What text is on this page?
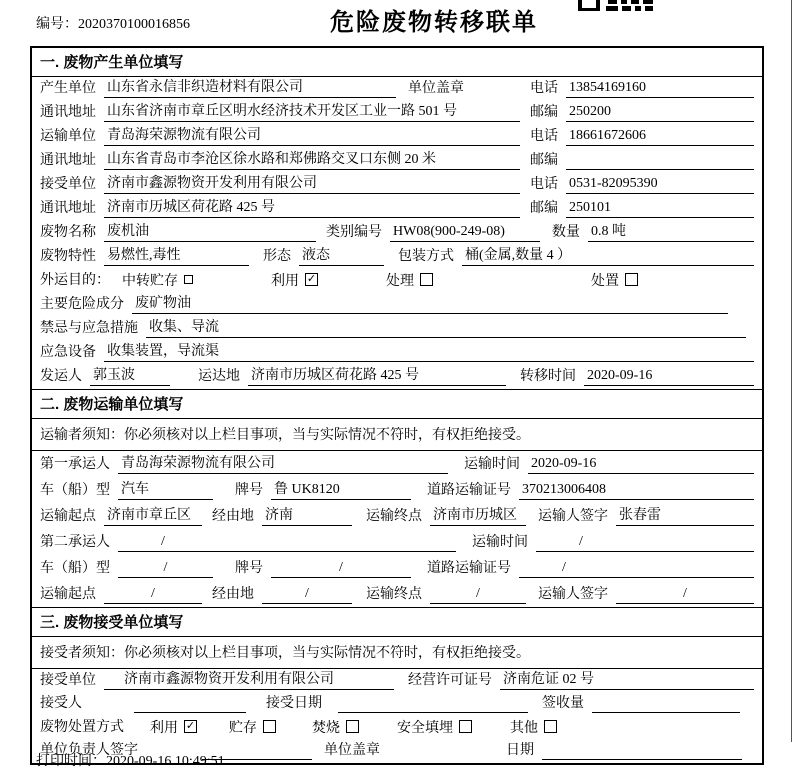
编号：2020370100016856	危险废物转移联单
一. 废物产生单位填写
产生单位 山东省永信非织造材料有限公司	单位盖章	电话 13854169160
通讯地址 山东省济南市章丘区明水经济技术开发区工业一路 501 号	邮编 250200
运输单位 青岛海荣源物流有限公司	电话 18661672606
通讯地址 山东省青岛市李沧区徐水路和郑佛路交叉口东侧 20 米	邮编
接受单位 济南市鑫源物资开发利用有限公司	电话 0531-82095390
通讯地址 济南市历城区荷花路 425 号	邮编 250101
废物名称 废机油	类别编号 HW08(900-249-08)	数量 0.8 吨
废物特性 易燃性,毒性	形态 液态	包装方式 桶(金属,数量 4 ）
外运目的： 中转贮存	利用 ✓	处理	处置
主要危险成分 废矿物油
禁忌与应急措施 收集、导流
应急设备 收集装置，导流渠
发运人 郭玉波	运达地 济南市历城区荷花路 425 号	转移时间 2020-09-16
二. 废物运输单位填写
运输者须知：你必须核对以上栏目事项，当与实际情况不符时，有权拒绝接受。
第一承运人 青岛海荣源物流有限公司	运输时间 2020-09-16
车（船）型 汽车	牌号 鲁 UK8120	道路运输证号 370213006408
运输起点 济南市章丘区	经由地 济南	运输终点 济南市历城区	运输人签字 张春雷
第二承运人	/	运输时间	/
车（船）型	/	牌号	/	道路运输证号	/
运输起点	/	经由地	/	运输终点	/	运输人签字	/
三. 废物接受单位填写
接受者须知：你必须核对以上栏目事项，当与实际情况不符时，有权拒绝接受。
接受单位	济南市鑫源物资开发利用有限公司	经营许可证号 济南危证 02 号
接受人	接受日期	签收量
废物处置方式 利用 ✓ 贮存	焚烧	安全填埋	其他
单位负责人签字	单位盖章	日期
打印时间：2020-09-16 10:49:51
